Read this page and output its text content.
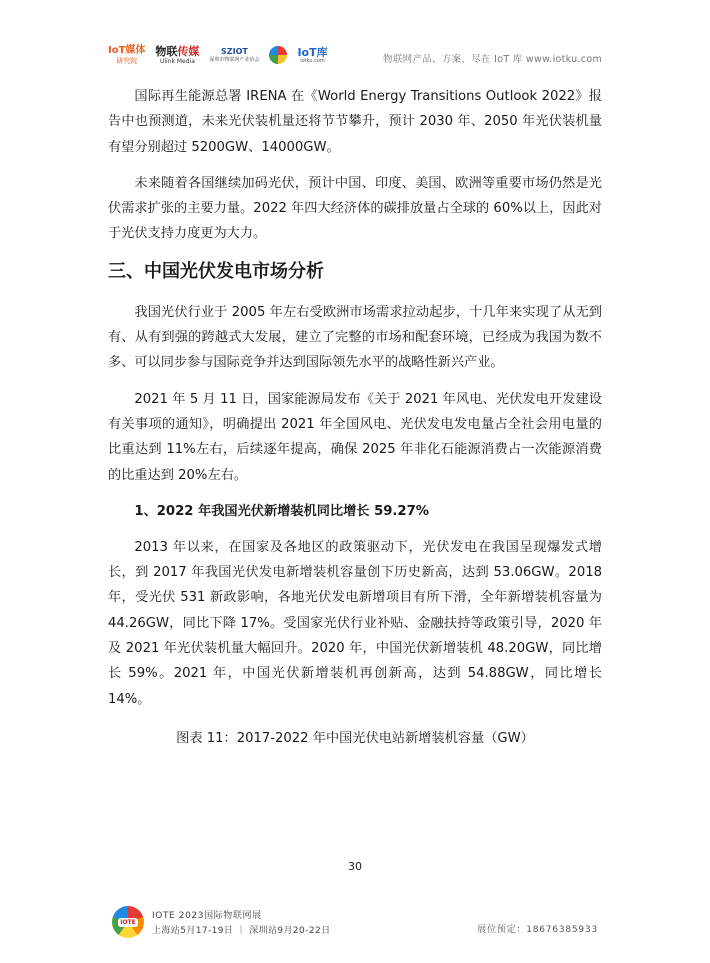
IoT媒体
研究院
物联传媒
Ulink Media
SZIOT
深圳市物联网产业协会
IoT库
iotku.com	物联网产品、方案，尽在 IoT 库 www.iotku.com

国际再生能源总署 IRENA 在《World Energy Transitions Outlook 2022》报告中也预测道，未来光伏装机量还将节节攀升，预计 2030 年、2050 年光伏装机量有望分别超过 5200GW、14000GW。

未来随着各国继续加码光伏，预计中国、印度、美国、欧洲等重要市场仍然是光伏需求扩张的主要力量。2022 年四大经济体的碳排放量占全球的 60%以上，因此对于光伏支持力度更为大力。

三、中国光伏发电市场分析

我国光伏行业于 2005 年左右受欧洲市场需求拉动起步，十几年来实现了从无到有、从有到强的跨越式大发展，建立了完整的市场和配套环境，已经成为我国为数不多、可以同步参与国际竞争并达到国际领先水平的战略性新兴产业。

2021 年 5 月 11 日，国家能源局发布《关于 2021 年风电、光伏发电开发建设有关事项的通知》，明确提出 2021 年全国风电、光伏发电发电量占全社会用电量的比重达到 11%左右，后续逐年提高，确保 2025 年非化石能源消费占一次能源消费的比重达到 20%左右。

1、2022 年我国光伏新增装机同比增长 59.27%

2013 年以来，在国家及各地区的政策驱动下，光伏发电在我国呈现爆发式增长，到 2017 年我国光伏发电新增装机容量创下历史新高，达到 53.06GW。2018 年，受光伏 531 新政影响，各地光伏发电新增项目有所下滑，全年新增装机容量为 44.26GW，同比下降 17%。受国家光伏行业补贴、金融扶持等政策引导，2020 年及 2021 年光伏装机量大幅回升。2020 年，中国光伏新增装机 48.20GW，同比增长 59%。2021 年，中国光伏新增装机再创新高，达到 54.88GW，同比增长 14%。

图表 11：2017-2022 年中国光伏电站新增装机容量（GW）

30
IOTE
IOTE 2023国际物联网展
上海站5月17-19日 ｜ 深圳站9月20-22日	展位预定：18676385933
